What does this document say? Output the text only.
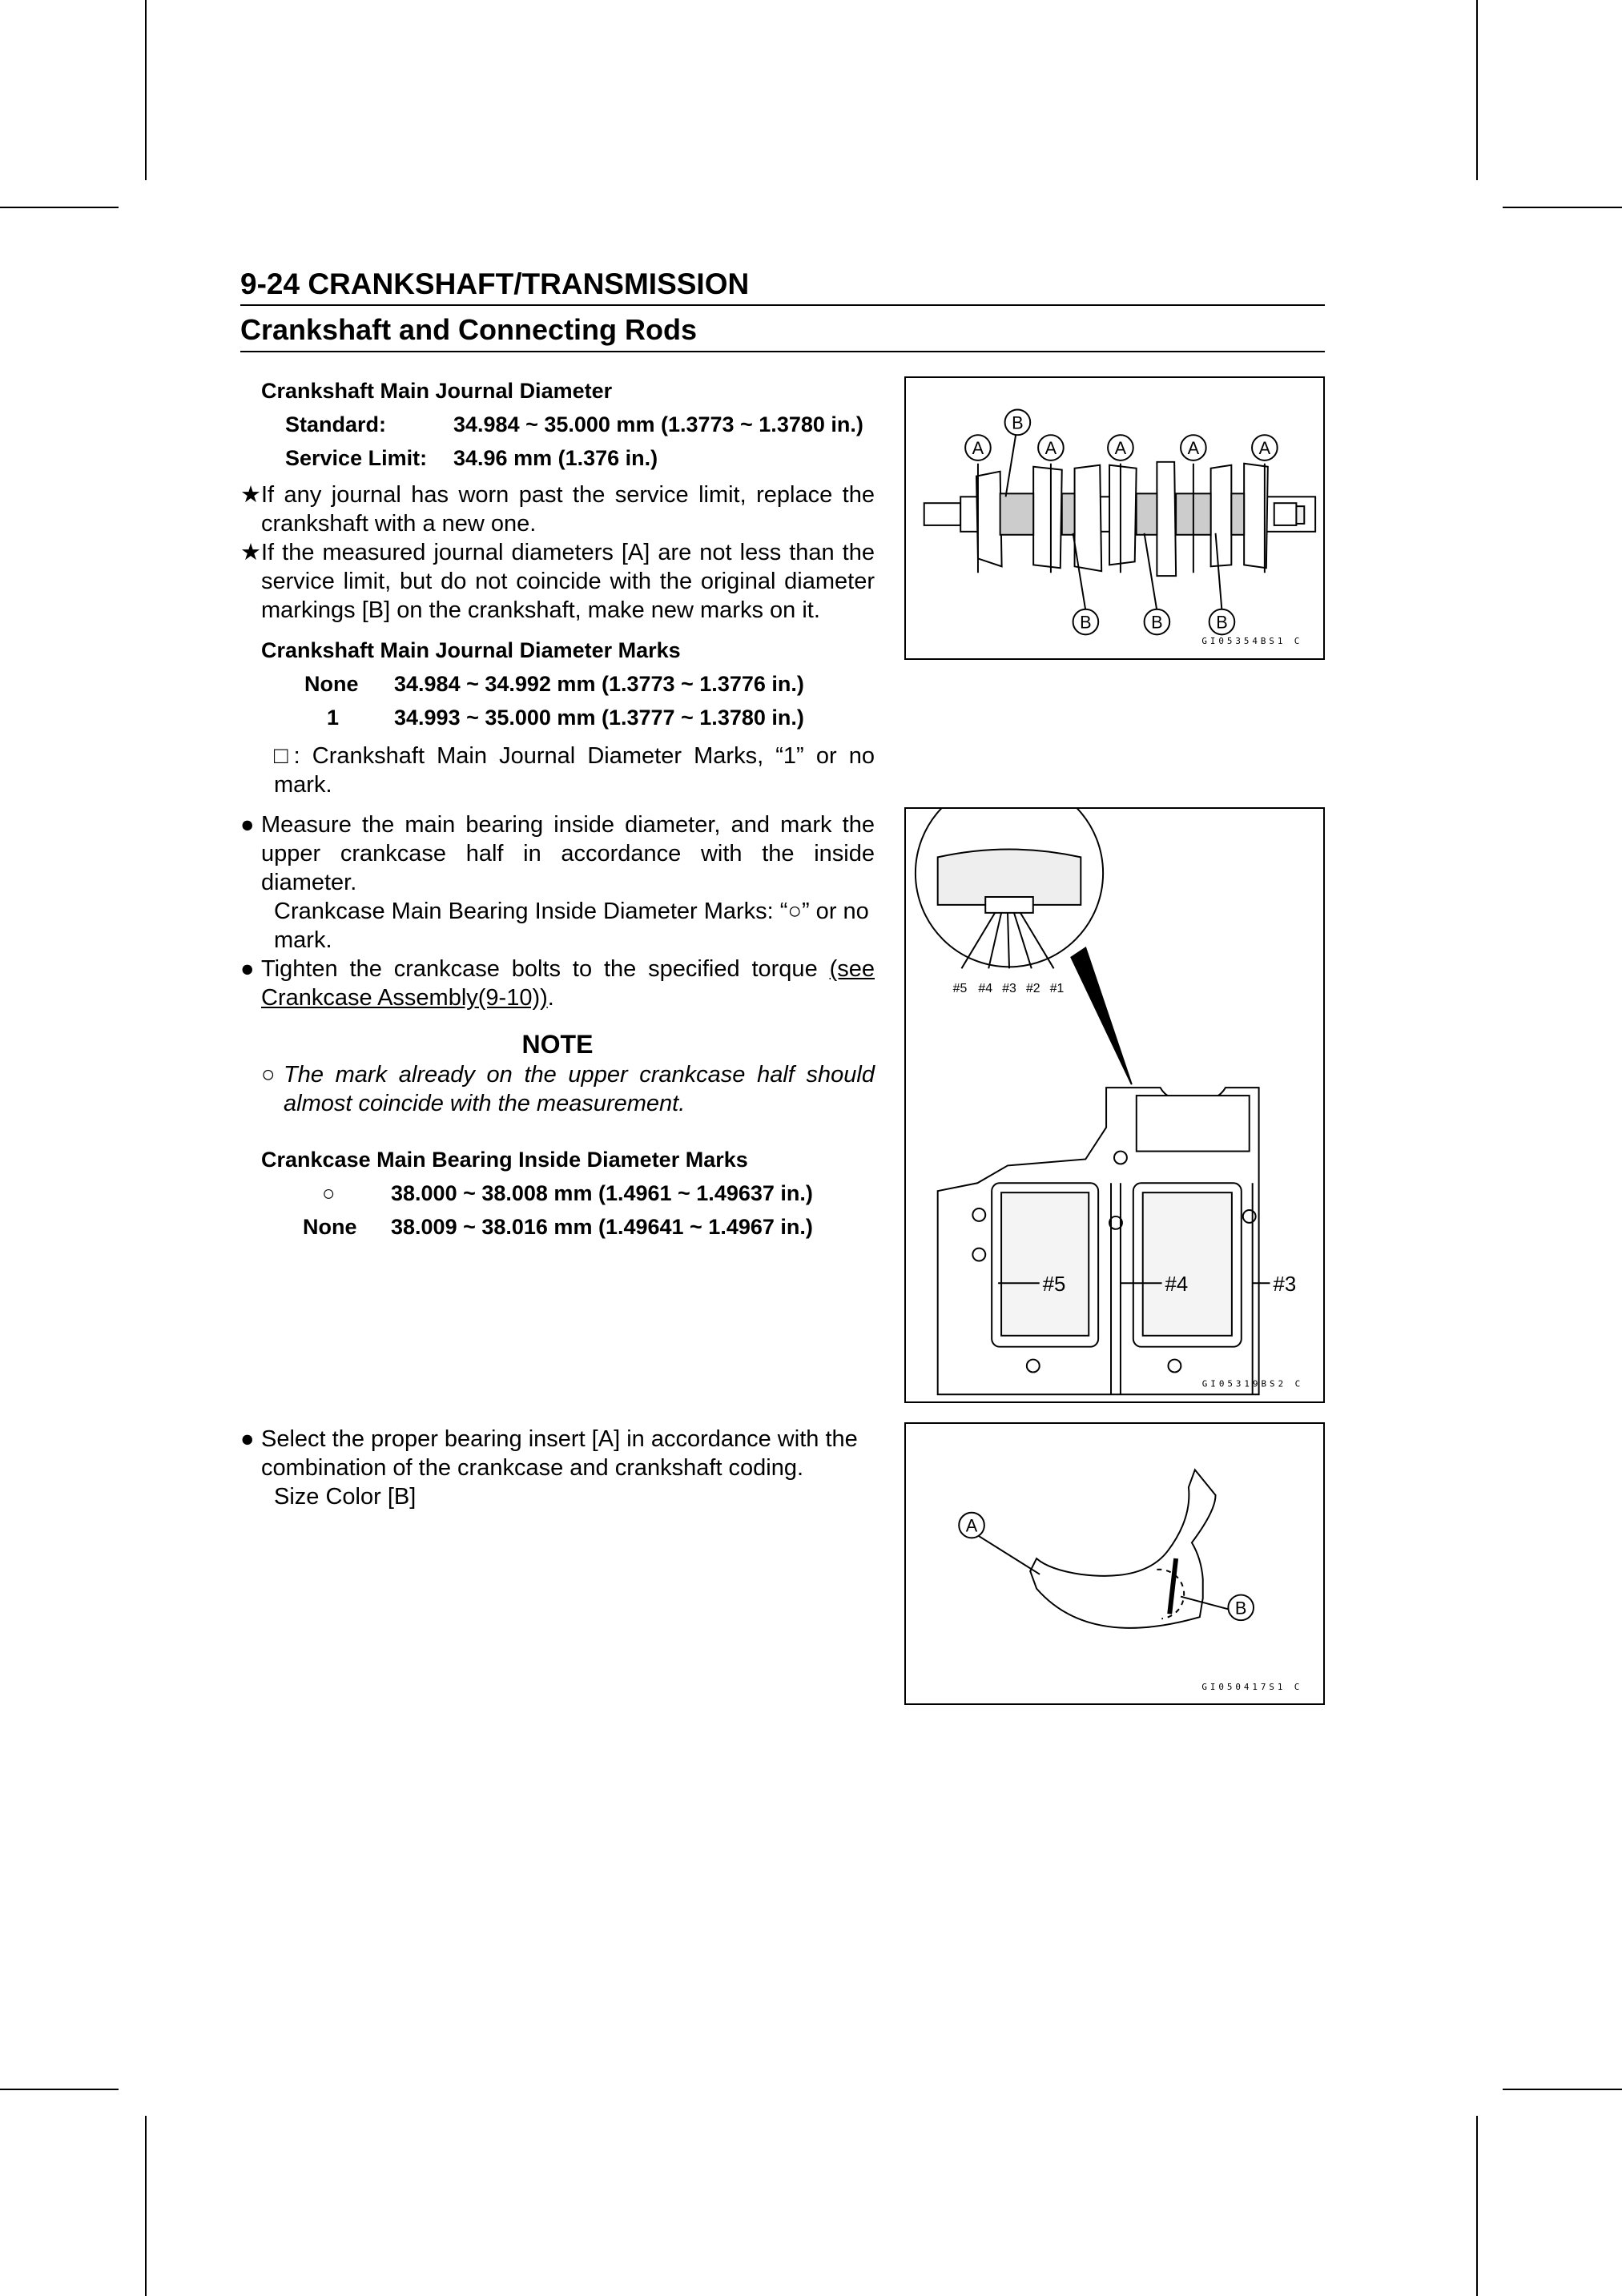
9-24 CRANKSHAFT/TRANSMISSION
Crankshaft and Connecting Rods
Crankshaft Main Journal Diameter
Standard:	34.984 ~ 35.000 mm (1.3773 ~ 1.3780 in.)
Service Limit:	34.96 mm (1.376 in.)
★ If any journal has worn past the service limit, replace the crankshaft with a new one.
★ If the measured journal diameters [A] are not less than the service limit, but do not coincide with the original diameter markings [B] on the crankshaft, make new marks on it.
Crankshaft Main Journal Diameter Marks
None	34.984 ~ 34.992 mm (1.3773 ~ 1.3776 in.)
1	34.993 ~ 35.000 mm (1.3777 ~ 1.3780 in.)
□: Crankshaft Main Journal Diameter Marks, “1” or no mark.
● Measure the main bearing inside diameter, and mark the upper crankcase half in accordance with the inside diameter.
Crankcase Main Bearing Inside Diameter Marks: “○” or no mark.
● Tighten the crankcase bolts to the specified torque (see Crankcase Assembly(9-10)).
NOTE
○ The mark already on the upper crankcase half should almost coincide with the measurement.
Crankcase Main Bearing Inside Diameter Marks
○	38.000 ~ 38.008 mm (1.4961 ~ 1.49637 in.)
None	38.009 ~ 38.016 mm (1.49641 ~ 1.4967 in.)
● Select the proper bearing insert [A] in accordance with the combination of the crankcase and crankshaft coding.
Size Color [B]
A	A	A	A	A
B
B	B	B
GI05354BS1 C
#5 #4 #3 #2 #1
#5	#4	#3
GI05319BS2 C
A
B
GI050417S1 C
